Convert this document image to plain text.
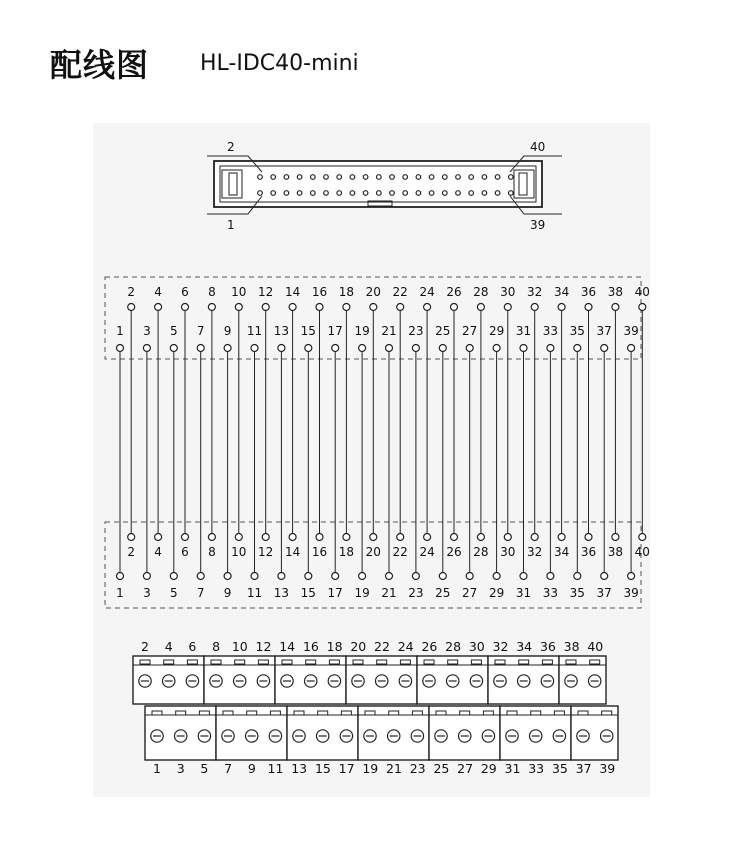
配线图 HL-IDC40-mini
2
1
40
39
1
1
2
2
3
3
4
4
5
5
6
6
7
7
8
8
9
9
10
10
11
11
12
12
13
13
14
14
15
15
16
16
17
17
18
18
19
19
20
20
21
21
22
22
23
23
24
24
25
25
26
26
27
27
28
28
29
29
30
30
31
31
32
32
33
33
34
34
35
35
36
36
37
37
38
38
39
39
40
40
2 4 6 8 10 12 14 16 18 20 22 24 26 28 30 32 34 36 38 40
1 3 5 7 9 11 13 15 17 19 21 23 25 27 29 31 33 35 37 39
